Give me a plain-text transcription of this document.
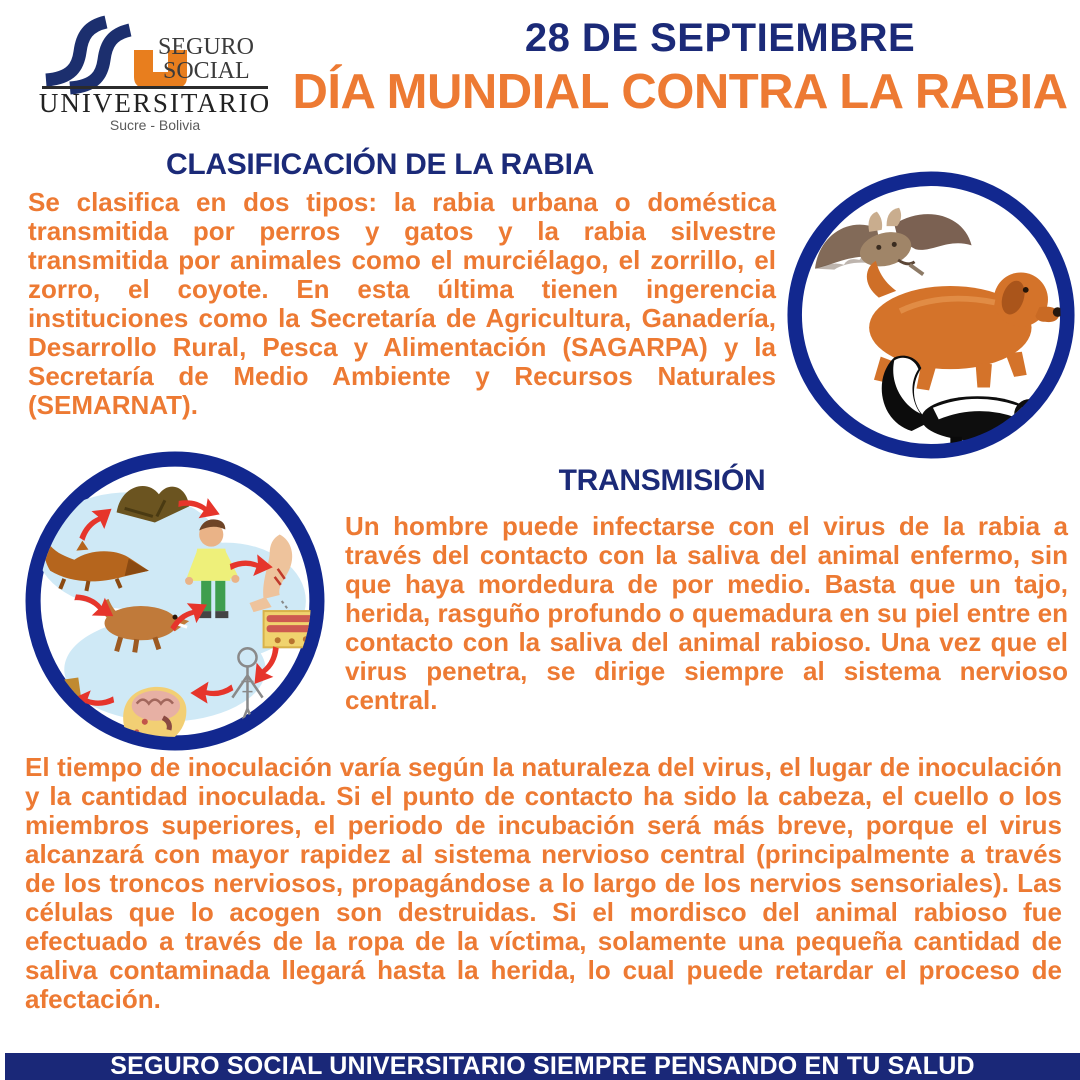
SEGURO
SOCIAL
UNIVERSITARIO
Sucre - Bolivia
28 DE SEPTIEMBRE
DÍA MUNDIAL CONTRA LA RABIA
CLASIFICACIÓN DE LA RABIA
Se clasifica en dos tipos: la rabia urbana o doméstica transmitida por perros y gatos y la rabia silvestre transmitida por animales como el murciélago, el zorrillo, el zorro, el coyote. En esta última tienen ingerencia instituciones como la Secretaría de Agricultura, Ganadería, Desarrollo Rural, Pesca y Alimentación (SAGARPA) y la Secretaría de Medio Ambiente y Recursos Naturales (SEMARNAT).
TRANSMISIÓN
Un hombre puede infectarse con el virus de la rabia a través del contacto con la saliva del animal enfermo, sin que haya mordedura de por medio. Basta que un tajo, herida, rasguño profundo o quemadura en su piel entre en contacto con la saliva del animal rabioso. Una vez que el virus penetra, se dirige siempre al sistema nervioso central.
El tiempo de inoculación varía según la naturaleza del virus, el lugar de inoculación y la cantidad inoculada. Si el punto de contacto ha sido la cabeza, el cuello o los miembros superiores, el periodo de incubación será más breve, porque el virus alcanzará con mayor rapidez al sistema nervioso central (principalmente a través de los troncos nerviosos, propagándose a lo largo de los nervios sensoriales). Las células que lo acogen son destruidas. Si el mordisco del animal rabioso fue efectuado a través de la ropa de la víctima, solamente una pequeña cantidad de saliva contaminada llegará hasta la herida, lo cual puede retardar el proceso de afectación.
SEGURO SOCIAL UNIVERSITARIO SIEMPRE PENSANDO EN TU SALUD
